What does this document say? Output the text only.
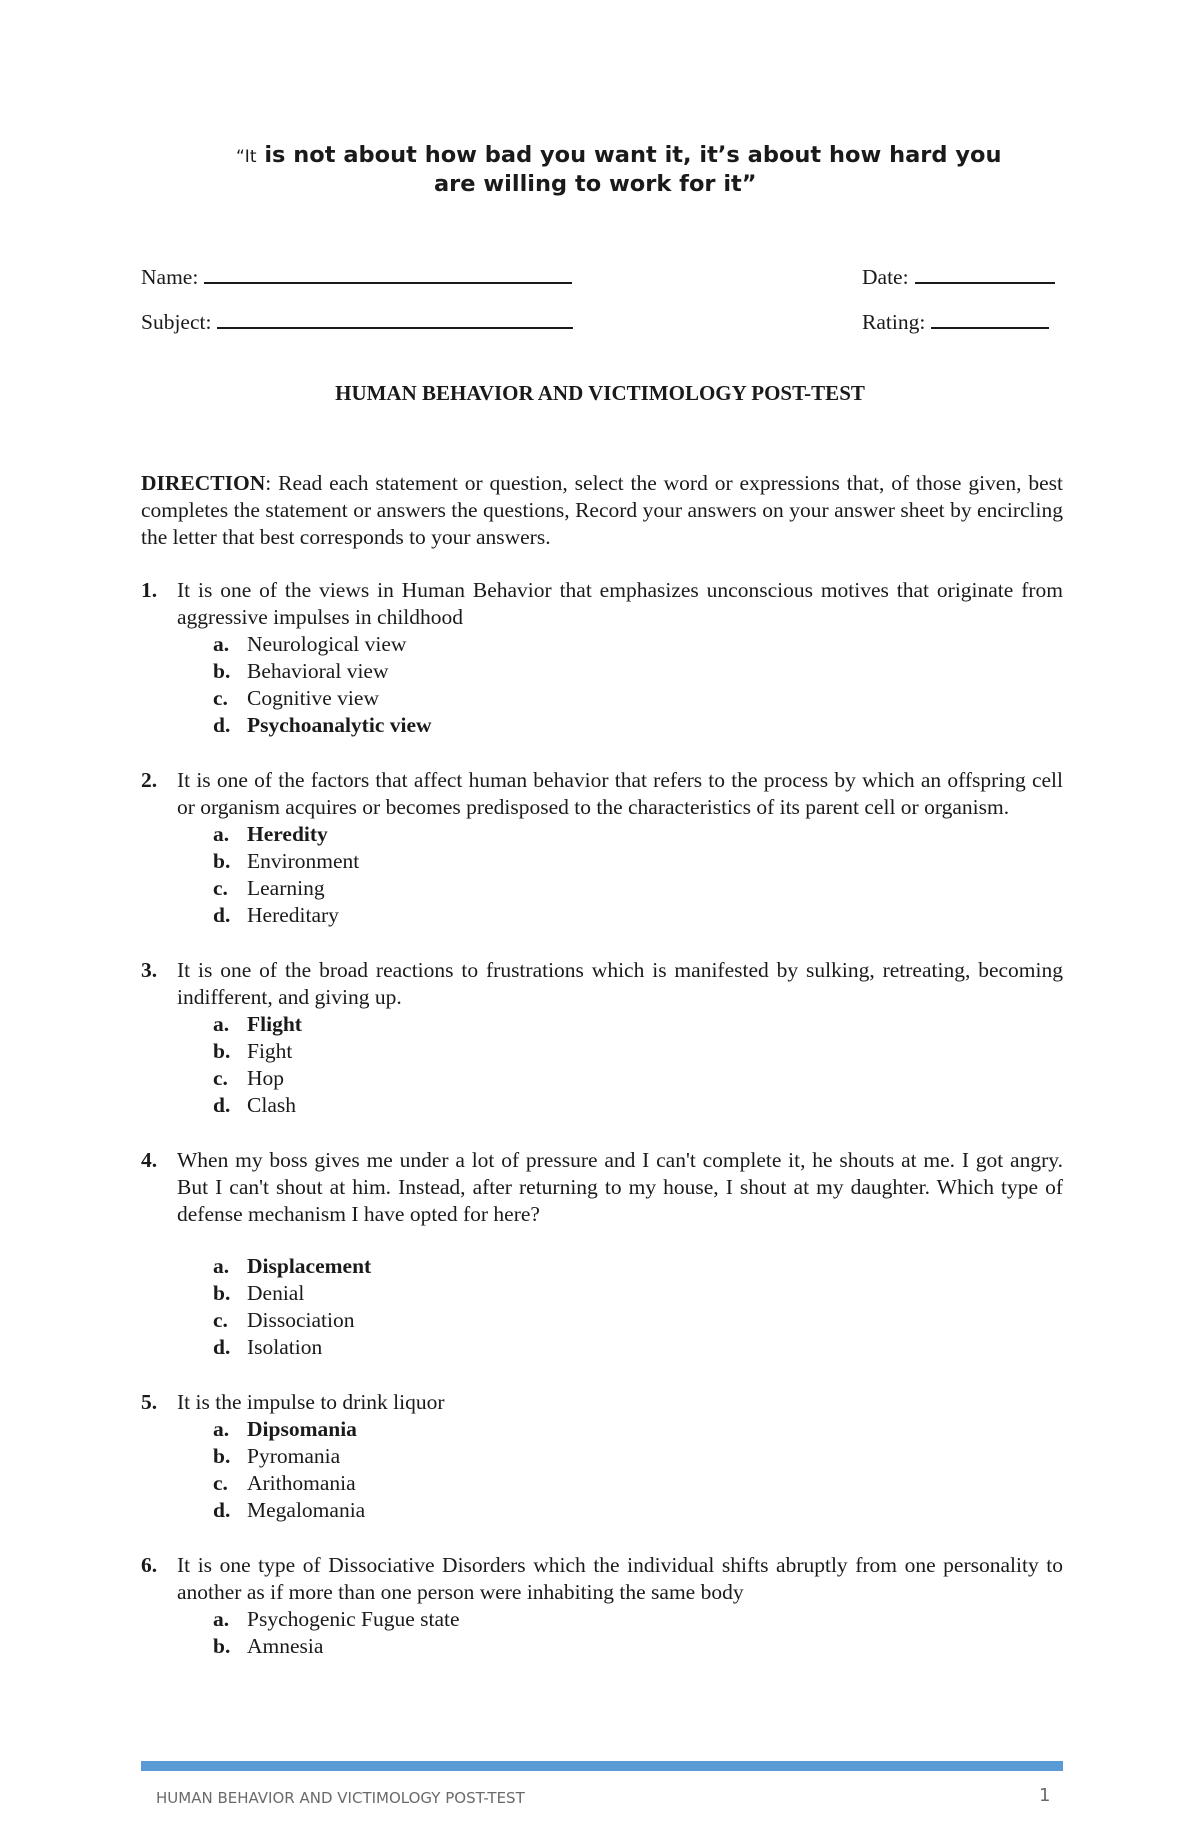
“It is not about how bad you want it, it’s about how hard you
are willing to work for it”
Name:	Date:
Subject:	Rating:
HUMAN BEHAVIOR AND VICTIMOLOGY POST-TEST
DIRECTION: Read each statement or question, select the word or expressions that, of those given, best completes the statement or answers the questions, Record your answers on your answer sheet by encircling the letter that best corresponds to your answers.
1. It is one of the views in Human Behavior that emphasizes unconscious motives that originate from aggressive impulses in childhood
a. Neurological view
b. Behavioral view
c. Cognitive view
d. Psychoanalytic view
2. It is one of the factors that affect human behavior that refers to the process by which an offspring cell or organism acquires or becomes predisposed to the characteristics of its parent cell or organism.
a. Heredity
b. Environment
c. Learning
d. Hereditary
3. It is one of the broad reactions to frustrations which is manifested by sulking, retreating, becoming indifferent, and giving up.
a. Flight
b. Fight
c. Hop
d. Clash
4. When my boss gives me under a lot of pressure and I can't complete it, he shouts at me. I got angry. But I can't shout at him. Instead, after returning to my house, I shout at my daughter. Which type of defense mechanism I have opted for here?
a. Displacement
b. Denial
c. Dissociation
d. Isolation
5. It is the impulse to drink liquor
a. Dipsomania
b. Pyromania
c. Arithomania
d. Megalomania
6. It is one type of Dissociative Disorders which the individual shifts abruptly from one personality to another as if more than one person were inhabiting the same body
a. Psychogenic Fugue state
b. Amnesia
HUMAN BEHAVIOR AND VICTIMOLOGY POST-TEST	1
